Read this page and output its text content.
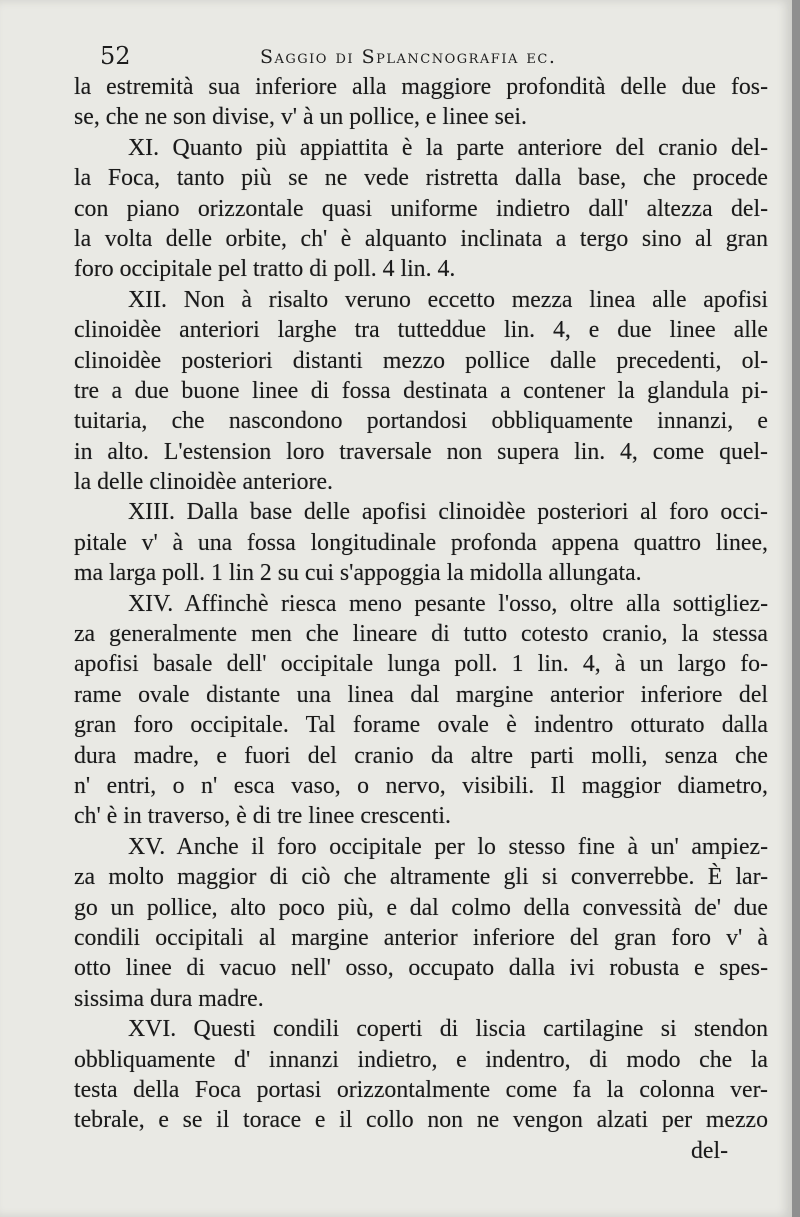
52	Saggio di Splancnografia ec.
la estremità sua inferiore alla maggiore profondità delle due fos-
se, che ne son divise, v' à un pollice, e linee sei.
XI. Quanto più appiattita è la parte anteriore del cranio del-
la Foca, tanto più se ne vede ristretta dalla base, che procede
con piano orizzontale quasi uniforme indietro dall' altezza del-
la volta delle orbite, ch' è alquanto inclinata a tergo sino al gran
foro occipitale pel tratto di poll. 4 lin. 4.
XII. Non à risalto veruno eccetto mezza linea alle apofisi
clinoidèe anteriori larghe tra tutteddue lin. 4, e due linee alle
clinoidèe posteriori distanti mezzo pollice dalle precedenti, ol-
tre a due buone linee di fossa destinata a contener la glandula pi-
tuitaria, che nascondono portandosi obbliquamente innanzi, e
in alto. L'estension loro traversale non supera lin. 4, come quel-
la delle clinoidèe anteriore.
XIII. Dalla base delle apofisi clinoidèe posteriori al foro occi-
pitale v' à una fossa longitudinale profonda appena quattro linee,
ma larga poll. 1 lin 2 su cui s'appoggia la midolla allungata.
XIV. Affinchè riesca meno pesante l'osso, oltre alla sottigliez-
za generalmente men che lineare di tutto cotesto cranio, la stessa
apofisi basale dell' occipitale lunga poll. 1 lin. 4, à un largo fo-
rame ovale distante una linea dal margine anterior inferiore del
gran foro occipitale. Tal forame ovale è indentro otturato dalla
dura madre, e fuori del cranio da altre parti molli, senza che
n' entri, o n' esca vaso, o nervo, visibili. Il maggior diametro,
ch' è in traverso, è di tre linee crescenti.
XV. Anche il foro occipitale per lo stesso fine à un' ampiez-
za molto maggior di ciò che altramente gli si converrebbe. È lar-
go un pollice, alto poco più, e dal colmo della convessità de' due
condili occipitali al margine anterior inferiore del gran foro v' à
otto linee di vacuo nell' osso, occupato dalla ivi robusta e spes-
sissima dura madre.
XVI. Questi condili coperti di liscia cartilagine si stendon
obbliquamente d' innanzi indietro, e indentro, di modo che la
testa della Foca portasi orizzontalmente come fa la colonna ver-
tebrale, e se il torace e il collo non ne vengon alzati per mezzo
del-
